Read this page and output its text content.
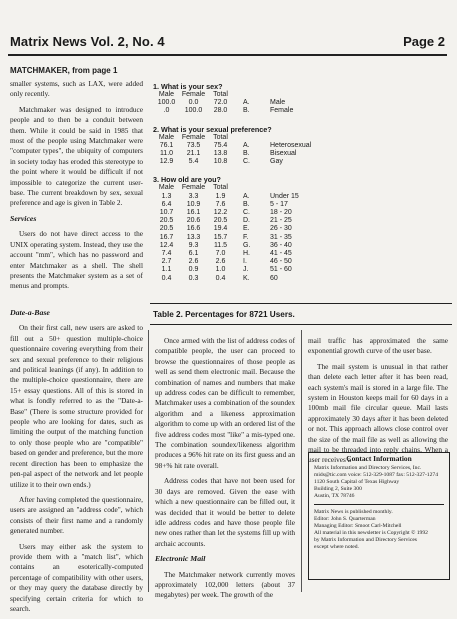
Matrix News Vol. 2, No. 4	Page 2
MATCHMAKER, from page 1

smaller systems, such as LAX, were added only recently.

Matchmaker was designed to introduce people and to then be a conduit between them. While it could be said in 1985 that most of the people using Matchmaker were "computer types", the ubiquity of computers in society today has eroded this stereotype to the point where it would be difficult if not impossible to categorize the current user-base. The current breakdown by sex, sexual preference and age is given in Table 2.

Services

Users do not have direct access to the UNIX operating system. Instead, they use the account "mm", which has no password and enter Matchmaker as a shell. The shell presents the Matchmaker system as a set of menus and prompts.

1. What is your sex?
Male	Female	Total		
100.0	0.0	72.0	A.	Male
.0	100.0	28.0	B.	Female
2. What is your sexual preference?
Male	Female	Total		
76.1	73.5	75.4	A.	Heterosexual
11.0	21.1	13.8	B.	Bisexual
12.9	5.4	10.8	C.	Gay
3. How old are you?
Male	Female	Total		
1.3	3.3	1.9	A.	Under 15
6.4	10.9	7.6	B.	5 - 17
10.7	16.1	12.2	C.	18 - 20
20.5	20.6	20.5	D.	21 - 25
20.5	16.6	19.4	E.	26 - 30
16.7	13.3	15.7	F.	31 - 35
12.4	9.3	11.5	G.	36 - 40
7.4	6.1	7.0	H.	41 - 45
2.7	2.6	2.6	I.	46 - 50
1.1	0.9	1.0	J.	51 - 60
0.4	0.3	0.4	K.	60
Table 2. Percentages for 8721 Users.
Date-a-Base

On their first call, new users are asked to fill out a 50+ question multiple-choice questionnaire covering everything from their sex and sexual preference to their religious and political leanings (if any). In addition to the multiple-choice questionnaire, there are 15+ essay questions. All of this is stored in what is fondly referred to as the "Date-a-Base" (There is some structure provided for people who are looking for dates, such as limiting the output of the matching function to only those people who are "compatible" based on gender and preference, but the more recent direction has been to emphasize the pen-pal aspect of the network and let people utilize it to their own ends.)

After having completed the questionnaire, users are assigned an "address code", which consists of their first name and a randomly generated number.

Users may either ask the system to provide them with a "match list", which contains an esoterically-computed percentage of compatibility with other users, or they may query the database directly by specifying certain criteria for which to search.

Once armed with the list of address codes of compatible people, the user can proceed to browse the questionnaires of those people as well as send them electronic mail. Because the combination of names and numbers that make up address codes can be difficult to remember, Matchmaker uses a combination of the soundex algorithm and a likeness approximation algorithm to come up with an ordered list of the five address codes most "like" a mis-typed one. The combination soundex/likeness algorithm produces a 96% hit rate on its first guess and an 98+% hit rate overall.

Address codes that have not been used for 30 days are removed. Given the ease with which a new questionnaire can be filled out, it was decided that it would be better to delete idle address codes and have those people file new ones rather than let the systems fill up with archaic accounts.

Electronic Mail

The Matchmaker network currently moves approximately 102,000 letters (about 37 megabytes) per week. The growth of the

mail traffic has approximated the same exponential growth curve of the user base.

The mail system is unusual in that rather than delete each letter after it has been read, each system's mail is stored in a large file. The system in Houston keeps mail for 60 days in a 100mb mail file circular queue. Mail lasts approximately 30 days after it has been deleted or not. This approach allows close control over the size of the mail file as well as allowing the mail to be threaded into reply chains. When a user receives a

Contact Information
Matrix Information and Directory Services, Inc.
mids@tic.com voice: 512-329-1087 fax: 512-327-1274
1120 South Capital of Texas Highway
Building 2, Suite 300
Austin, TX 78746
Matrix News is published monthly.
Editor: John S. Quarterman
Managing Editor: Smoot Carl-Mitchell
All material in this newsletter is Copyright © 1992
by Matrix Information and Directory Services
except where noted.
